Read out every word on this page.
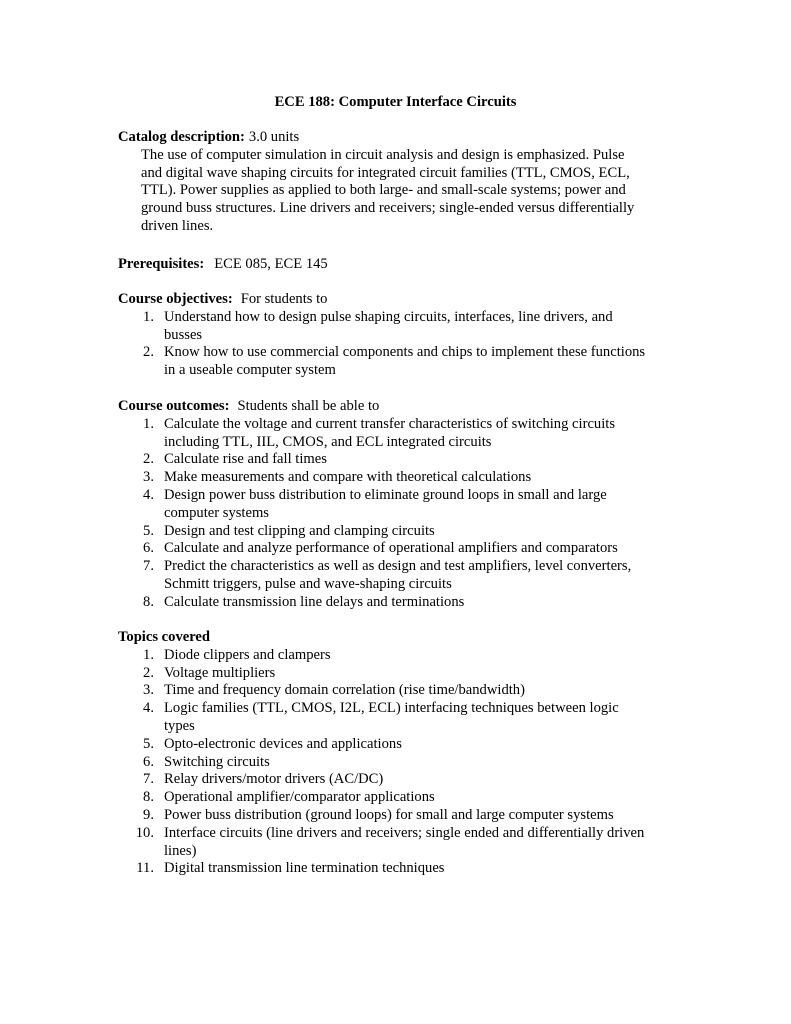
ECE 188: Computer Interface Circuits

Catalog description: 3.0 units

The use of computer simulation in circuit analysis and design is emphasized. Pulse
and digital wave shaping circuits for integrated circuit families (TTL, CMOS, ECL,
TTL). Power supplies as applied to both large- and small-scale systems; power and
ground buss structures. Line drivers and receivers; single-ended versus differentially
driven lines.

Prerequisites: ECE 085, ECE 145

Course objectives: For students to

1. Understand how to design pulse shaping circuits, interfaces, line drivers, and
busses
2. Know how to use commercial components and chips to implement these functions
in a useable computer system

Course outcomes: Students shall be able to

1. Calculate the voltage and current transfer characteristics of switching circuits
including TTL, IIL, CMOS, and ECL integrated circuits
2. Calculate rise and fall times
3. Make measurements and compare with theoretical calculations
4. Design power buss distribution to eliminate ground loops in small and large
computer systems
5. Design and test clipping and clamping circuits
6. Calculate and analyze performance of operational amplifiers and comparators
7. Predict the characteristics as well as design and test amplifiers, level converters,
Schmitt triggers, pulse and wave-shaping circuits
8. Calculate transmission line delays and terminations

Topics covered

1. Diode clippers and clampers
2. Voltage multipliers
3. Time and frequency domain correlation (rise time/bandwidth)
4. Logic families (TTL, CMOS, I2L, ECL) interfacing techniques between logic
types
5. Opto-electronic devices and applications
6. Switching circuits
7. Relay drivers/motor drivers (AC/DC)
8. Operational amplifier/comparator applications
9. Power buss distribution (ground loops) for small and large computer systems
10. Interface circuits (line drivers and receivers; single ended and differentially driven
lines)
11. Digital transmission line termination techniques
